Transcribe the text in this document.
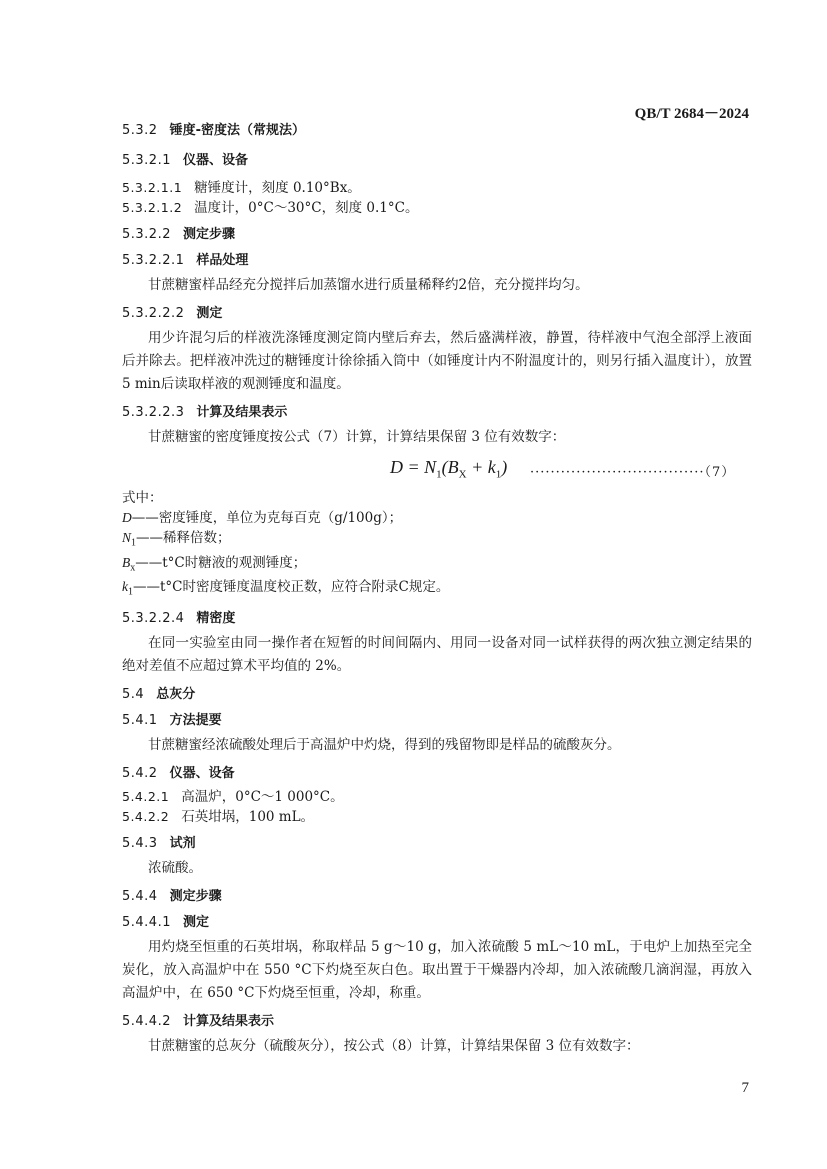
QB/T 2684－2024

5.3.2 锤度-密度法（常规法）

5.3.2.1 仪器、设备

5.3.2.1.1 糖锤度计，刻度 0.10°Bx。

5.3.2.1.2 温度计，0°C～30°C，刻度 0.1°C。

5.3.2.2 测定步骤

5.3.2.2.1 样品处理

甘蔗糖蜜样品经充分搅拌后加蒸馏水进行质量稀释约2倍，充分搅拌均匀。

5.3.2.2.2 测定

用少许混匀后的样液洗涤锤度测定筒内壁后弃去，然后盛满样液，静置，待样液中气泡全部浮上液面后并除去。把样液冲洗过的糖锤度计徐徐插入筒中（如锤度计内不附温度计的，则另行插入温度计），放置5 min后读取样液的观测锤度和温度。

5.3.2.2.3 计算及结果表示

甘蔗糖蜜的密度锤度按公式（7）计算，计算结果保留 3 位有效数字：

$D = N_1(B_X + k_1) \cdot\cdot\cdot\cdot\cdot\cdot\cdot\cdot\cdot\cdot\cdot\cdot\cdot\cdot\cdot\cdot\cdot\cdot\cdot\cdot\cdot\cdot\cdot\cdot\cdot\cdot\cdot\cdot\cdot\cdot\cdot\cdot\cdot\cdot(7)$

式中：

D——密度锤度，单位为克每百克（g/100g）；

$N_1——$稀释倍数；

$B_x——t^\circ C$时糖液的观测锤度；

$k_1——t^\circ C$时密度锤度温度校正数，应符合附录C规定。

5.3.2.2.4 精密度

在同一实验室由同一操作者在短暂的时间间隔内、用同一设备对同一试样获得的两次独立测定结果的绝对差值不应超过算术平均值的 2%。

5.4 总灰分

5.4.1 方法提要

甘蔗糖蜜经浓硫酸处理后于高温炉中灼烧，得到的残留物即是样品的硫酸灰分。

5.4.2 仪器、设备

5.4.2.1 高温炉，0°C～1 000°C。

5.4.2.2 石英坩埚，100 mL。

5.4.3 试剂

浓硫酸。

5.4.4 测定步骤

5.4.4.1 测定

用灼烧至恒重的石英坩埚，称取样品 5 g～10 g，加入浓硫酸 5 mL～10 mL，于电炉上加热至完全炭化，放入高温炉中在 550 °C下灼烧至灰白色。取出置于干燥器内冷却，加入浓硫酸几滴润湿，再放入高温炉中，在 650 °C下灼烧至恒重，冷却，称重。

5.4.4.2 计算及结果表示

甘蔗糖蜜的总灰分（硫酸灰分），按公式（8）计算，计算结果保留 3 位有效数字：

7
